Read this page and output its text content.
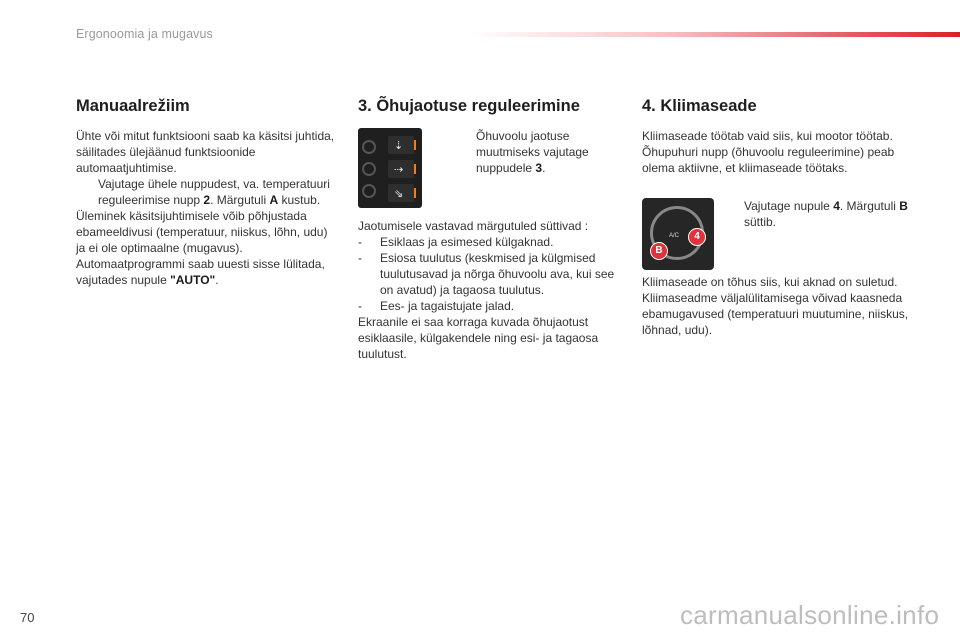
Ergonoomia ja mugavus
Manuaalrežiim

Ühte või mitut funktsiooni saab ka käsitsi juhtida, säilitades ülejäänud funktsioonide automaatjuhtimise.

Vajutage ühele nuppudest, va. temperatuuri reguleerimise nupp 2. Märgutuli A kustub.

Üleminek käsitsijuhtimisele võib põhjustada ebameeldivusi (temperatuur, niiskus, lõhn, udu) ja ei ole optimaalne (mugavus).

Automaatprogrammi saab uuesti sisse lülitada, vajutades nupule "AUTO".

3. Õhujaotuse reguleerimine
⇣
⇢
⇘
Õhuvoolu jaotuse muutmiseks vajutage nuppudele 3.

Jaotumisele vastavad märgutuled süttivad :

-	Esiklaas ja esimesed külgaknad.
-	Esiosa tuulutus (keskmised ja külgmised tuulutusavad ja nõrga õhuvoolu ava, kui see on avatud) ja tagaosa tuulutus.
-	Ees- ja tagaistujate jalad.

Ekraanile ei saa korraga kuvada õhujaotust esiklaasile, külgakendele ning esi- ja tagaosa tuulutust.

4. Kliimaseade

Kliimaseade töötab vaid siis, kui mootor töötab. Õhupuhuri nupp (õhuvoolu reguleerimine) peab olema aktiivne, et kliimaseade töötaks.

A/C
B
4
Vajutage nupule 4. Märgutuli B süttib.

Kliimaseade on tõhus siis, kui aknad on suletud.

Kliimaseadme väljalülitamisega võivad kaasneda ebamugavused (temperatuuri muutumine, niiskus, lõhnad, udu).

70	carmanualsonline.info
